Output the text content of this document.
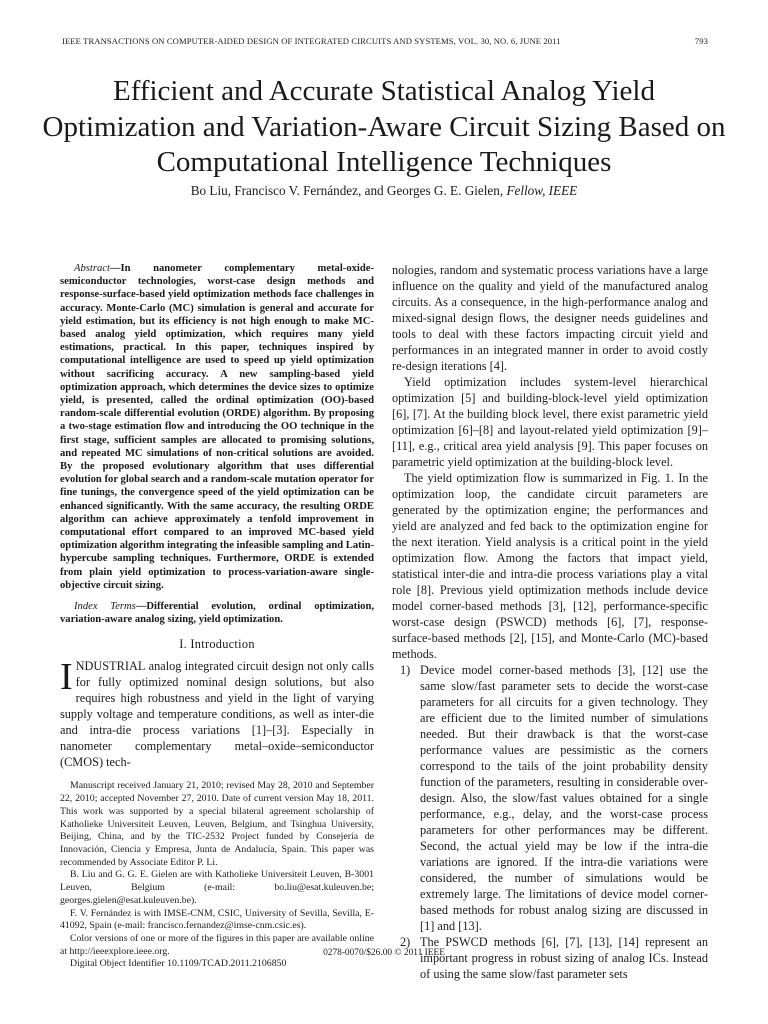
IEEE TRANSACTIONS ON COMPUTER-AIDED DESIGN OF INTEGRATED CIRCUITS AND SYSTEMS, VOL. 30, NO. 6, JUNE 2011	793
Efficient and Accurate Statistical Analog Yield Optimization and Variation-Aware Circuit Sizing Based on Computational Intelligence Techniques
Bo Liu, Francisco V. Fernández, and Georges G. E. Gielen, Fellow, IEEE

Abstract—In nanometer complementary metal-oxide-semiconductor technologies, worst-case design methods and response-surface-based yield optimization methods face challenges in accuracy. Monte-Carlo (MC) simulation is general and accurate for yield estimation, but its efficiency is not high enough to make MC-based analog yield optimization, which requires many yield estimations, practical. In this paper, techniques inspired by computational intelligence are used to speed up yield optimization without sacrificing accuracy. A new sampling-based yield optimization approach, which determines the device sizes to optimize yield, is presented, called the ordinal optimization (OO)-based random-scale differential evolution (ORDE) algorithm. By proposing a two-stage estimation flow and introducing the OO technique in the first stage, sufficient samples are allocated to promising solutions, and repeated MC simulations of non-critical solutions are avoided. By the proposed evolutionary algorithm that uses differential evolution for global search and a random-scale mutation operator for fine tunings, the convergence speed of the yield optimization can be enhanced significantly. With the same accuracy, the resulting ORDE algorithm can achieve approximately a tenfold improvement in computational effort compared to an improved MC-based yield optimization algorithm integrating the infeasible sampling and Latin-hypercube sampling techniques. Furthermore, ORDE is extended from plain yield optimization to process-variation-aware single-objective circuit sizing.

Index Terms—Differential evolution, ordinal optimization, variation-aware analog sizing, yield optimization.

I. Introduction

INDUSTRIAL analog integrated circuit design not only calls for fully optimized nominal design solutions, but also requires high robustness and yield in the light of varying supply voltage and temperature conditions, as well as inter-die and intra-die process variations [1]–[3]. Especially in nanometer complementary metal–oxide–semiconductor (CMOS) tech-

Manuscript received January 21, 2010; revised May 28, 2010 and September 22, 2010; accepted November 27, 2010. Date of current version May 18, 2011. This work was supported by a special bilateral agreement scholarship of Katholieke Universiteit Leuven, Leuven, Belgium, and Tsinghua University, Beijing, China, and by the TIC-2532 Project funded by Consejería de Innovación, Ciencia y Empresa, Junta de Andalucía, Spain. This paper was recommended by Associate Editor P. Li.

B. Liu and G. G. E. Gielen are with Katholieke Universiteit Leuven, B-3001 Leuven, Belgium (e-mail: bo.liu@esat.kuleuven.be; georges.gielen@esat.kuleuven.be).

F. V. Fernández is with IMSE-CNM, CSIC, University of Sevilla, Sevilla, E-41092, Spain (e-mail: francisco.fernandez@imse-cnm.csic.es).

Color versions of one or more of the figures in this paper are available online at http://ieeexplore.ieee.org.

Digital Object Identifier 10.1109/TCAD.2011.2106850

nologies, random and systematic process variations have a large influence on the quality and yield of the manufactured analog circuits. As a consequence, in the high-performance analog and mixed-signal design flows, the designer needs guidelines and tools to deal with these factors impacting circuit yield and performances in an integrated manner in order to avoid costly re-design iterations [4].

Yield optimization includes system-level hierarchical optimization [5] and building-block-level yield optimization [6], [7]. At the building block level, there exist parametric yield optimization [6]–[8] and layout-related yield optimization [9]–[11], e.g., critical area yield analysis [9]. This paper focuses on parametric yield optimization at the building-block level.

The yield optimization flow is summarized in Fig. 1. In the optimization loop, the candidate circuit parameters are generated by the optimization engine; the performances and yield are analyzed and fed back to the optimization engine for the next iteration. Yield analysis is a critical point in the yield optimization flow. Among the factors that impact yield, statistical inter-die and intra-die process variations play a vital role [8]. Previous yield optimization methods include device model corner-based methods [3], [12], performance-specific worst-case design (PSWCD) methods [6], [7], response-surface-based methods [2], [15], and Monte-Carlo (MC)-based methods.

1) Device model corner-based methods [3], [12] use the same slow/fast parameter sets to decide the worst-case parameters for all circuits for a given technology. They are efficient due to the limited number of simulations needed. But their drawback is that the worst-case performance values are pessimistic as the corners correspond to the tails of the joint probability density function of the parameters, resulting in considerable over-design. Also, the slow/fast values obtained for a single performance, e.g., delay, and the worst-case process parameters for other performances may be different. Second, the actual yield may be low if the intra-die variations are ignored. If the intra-die variations were considered, the number of simulations would be extremely large. The limitations of device model corner-based methods for robust analog sizing are discussed in [1] and [13].
2) The PSWCD methods [6], [7], [13], [14] represent an important progress in robust sizing of analog ICs. Instead of using the same slow/fast parameter sets
0278-0070/$26.00 © 2011 IEEE
